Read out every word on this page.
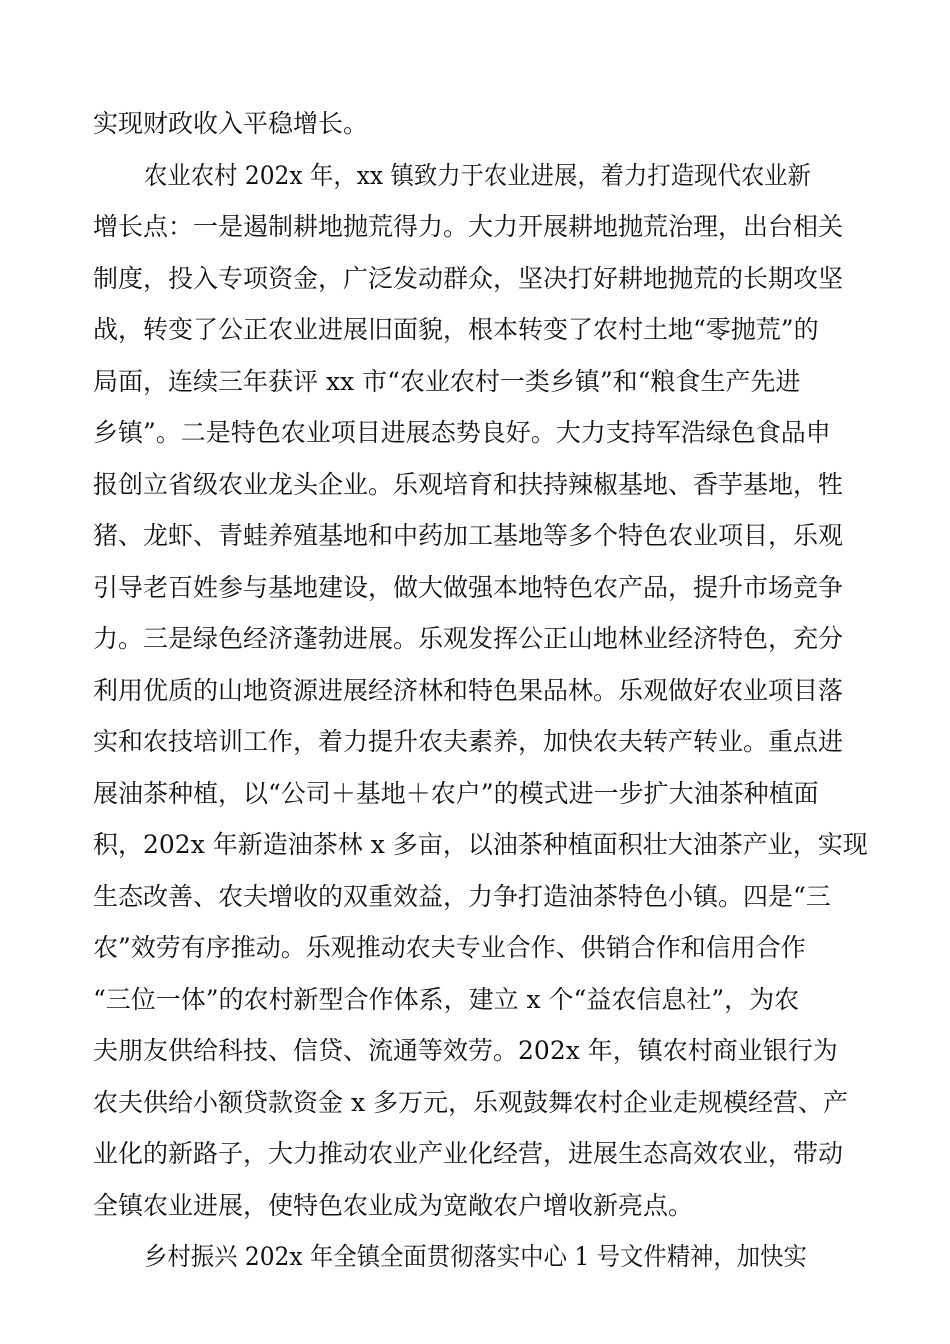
实现财政收入平稳增长。
农业农村 202x 年，xx 镇致力于农业进展，着力打造现代农业新
增长点：一是遏制耕地抛荒得力。大力开展耕地抛荒治理，出台相关
制度，投入专项资金，广泛发动群众，坚决打好耕地抛荒的长期攻坚
战，转变了公正农业进展旧面貌，根本转变了农村土地“零抛荒”的
局面，连续三年获评 xx 市“农业农村一类乡镇”和“粮食生产先进
乡镇”。二是特色农业项目进展态势良好。大力支持军浩绿色食品申
报创立省级农业龙头企业。乐观培育和扶持辣椒基地、香芋基地，牲
猪、龙虾、青蛙养殖基地和中药加工基地等多个特色农业项目，乐观
引导老百姓参与基地建设，做大做强本地特色农产品，提升市场竞争
力。三是绿色经济蓬勃进展。乐观发挥公正山地林业经济特色，充分
利用优质的山地资源进展经济林和特色果品林。乐观做好农业项目落
实和农技培训工作，着力提升农夫素养，加快农夫转产转业。重点进
展油茶种植，以“公司＋基地＋农户”的模式进一步扩大油茶种植面
积，202x 年新造油茶林 x 多亩，以油茶种植面积壮大油茶产业，实现
生态改善、农夫增收的双重效益，力争打造油茶特色小镇。四是“三
农”效劳有序推动。乐观推动农夫专业合作、供销合作和信用合作
“三位一体”的农村新型合作体系，建立 x 个“益农信息社”，为农
夫朋友供给科技、信贷、流通等效劳。202x 年，镇农村商业银行为
农夫供给小额贷款资金 x 多万元，乐观鼓舞农村企业走规模经营、产
业化的新路子，大力推动农业产业化经营，进展生态高效农业，带动
全镇农业进展，使特色农业成为宽敞农户增收新亮点。
乡村振兴 202x 年全镇全面贯彻落实中心 1 号文件精神，加快实
